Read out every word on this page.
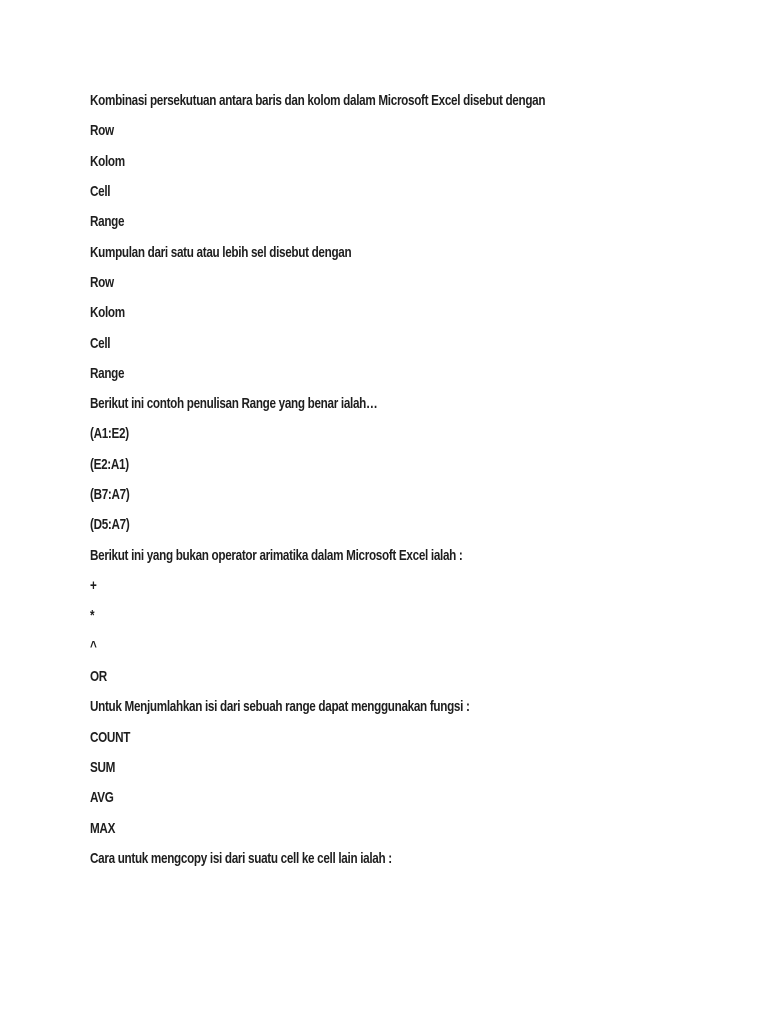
Kombinasi persekutuan antara baris dan kolom dalam Microsoft Excel disebut dengan
Row
Kolom
Cell
Range
Kumpulan dari satu atau lebih sel disebut dengan
Row
Kolom
Cell
Range
Berikut ini contoh penulisan Range yang benar ialah…
(A1:E2)
(E2:A1)
(B7:A7)
(D5:A7)
Berikut ini yang bukan operator arimatika dalam Microsoft Excel ialah :
+
*
^
OR
Untuk Menjumlahkan isi dari sebuah range dapat menggunakan fungsi :
COUNT
SUM
AVG
MAX
Cara untuk mengcopy isi dari suatu cell ke cell lain ialah :
